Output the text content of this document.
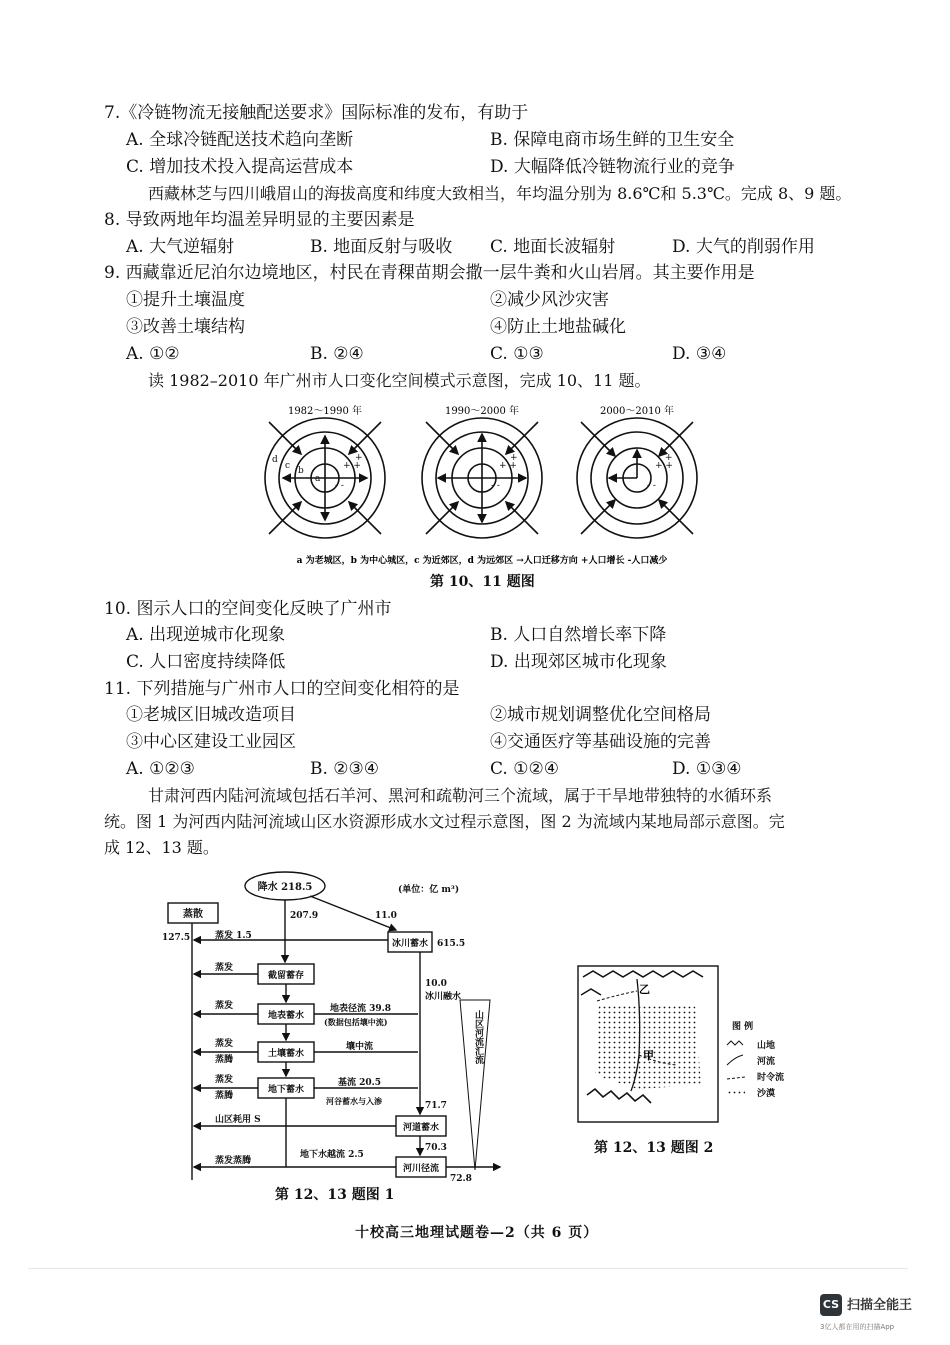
7.《冷链物流无接触配送要求》国际标准的发布，有助于
A. 全球冷链配送技术趋向垄断	B. 保障电商市场生鲜的卫生安全
C. 增加技术投入提高运营成本	D. 大幅降低冷链物流行业的竞争
西藏林芝与四川峨眉山的海拔高度和纬度大致相当，年均温分别为 8.6℃和 5.3℃。完成 8、9 题。
8. 导致两地年均温差异明显的主要因素是
A. 大气逆辐射	B. 地面反射与吸收 C. 地面长波辐射	D. 大气的削弱作用
9. 西藏靠近尼泊尔边境地区，村民在青稞苗期会撒一层牛粪和火山岩屑。其主要作用是
①提升土壤温度	②减少风沙灾害
③改善土壤结构	④防止土地盐碱化
A. ①②	B. ②④	C. ①③	D. ③④
读 1982–2010 年广州市人口变化空间模式示意图，完成 10、11 题。
1982～1990 年	1990～2000 年	2000～2010 年
a
b
c
d
- -
+ +
+
- -
+ +
+
- -
+ +
+
a 为老城区，b 为中心城区，c 为近郊区，d 为远郊区 →人口迁移方向 +人口增长 -人口减少
第 10、11 题图
10. 图示人口的空间变化反映了广州市
A. 出现逆城市化现象	B. 人口自然增长率下降
C. 人口密度持续降低	D. 出现郊区城市化现象
11. 下列措施与广州市人口的空间变化相符的是
①老城区旧城改造项目	②城市规划调整优化空间格局
③中心区建设工业园区	④交通医疗等基础设施的完善
A. ①②③	B. ②③④	C. ①②④	D. ①③④
甘肃河西内陆河流域包括石羊河、黑河和疏勒河三个流域，属于干旱地带独特的水循环系
统。图 1 为河西内陆河流域山区水资源形成水文过程示意图，图 2 为流域内某地局部示意图。完
成 12、13 题。
降水 218.5	(单位：亿 m³)
蒸散
127.5	蒸发 1.5
207.9	11.0
冰川蓄水 615.5
蒸发
截留蓄存
10.0
冰川融水
蒸发
地表蓄水
地表径流 39.8
(数据包括壤中流)
蒸发
蒸腾
土壤蓄水
壤中流
蒸发
蒸腾
地下蓄水
基流 20.5
河谷蓄水与入渗	71.7
山区耗用 S
河道蓄水
70.3
蒸发蒸腾
地下水越流 2.5
河川径流
72.8
山区河流汇流
第 12、13 题图 1
乙
甲
图 例
山地
河流
时令流
沙漠
第 12、13 题图 2
十校高三地理试题卷—2（共 6 页）
CS 扫描全能王
3亿人都在用的扫描App
